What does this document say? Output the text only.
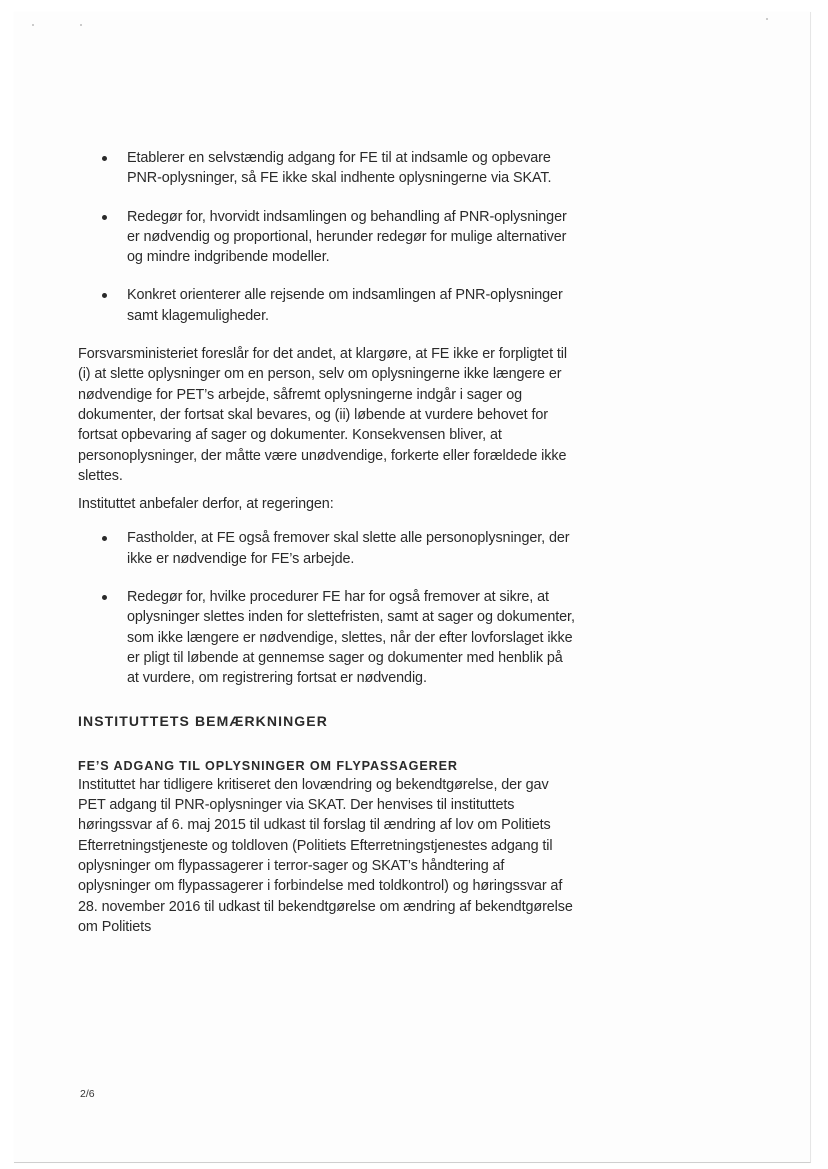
Etablerer en selvstændig adgang for FE til at indsamle og opbevare PNR-oplysninger, så FE ikke skal indhente oplysningerne via SKAT.
Redegør for, hvorvidt indsamlingen og behandling af PNR-oplysninger er nødvendig og proportional, herunder redegør for mulige alternativer og mindre indgribende modeller.
Konkret orienterer alle rejsende om indsamlingen af PNR-oplysninger samt klagemuligheder.

Forsvarsministeriet foreslår for det andet, at klargøre, at FE ikke er forpligtet til (i) at slette oplysninger om en person, selv om oplysningerne ikke længere er nødvendige for PET’s arbejde, såfremt oplysningerne indgår i sager og dokumenter, der fortsat skal bevares, og (ii) løbende at vurdere behovet for fortsat opbevaring af sager og dokumenter. Konsekvensen bliver, at personoplysninger, der måtte være unødvendige, forkerte eller forældede ikke slettes.

Instituttet anbefaler derfor, at regeringen:

Fastholder, at FE også fremover skal slette alle personoplysninger, der ikke er nødvendige for FE’s arbejde.
Redegør for, hvilke procedurer FE har for også fremover at sikre, at oplysninger slettes inden for slettefristen, samt at sager og dokumenter, som ikke længere er nødvendige, slettes, når der efter lovforslaget ikke er pligt til løbende at gennemse sager og dokumenter med henblik på at vurdere, om registrering fortsat er nødvendig.
INSTITUTTETS BEMÆRKNINGER
FE’S ADGANG TIL OPLYSNINGER OM FLYPASSAGERER

Instituttet har tidligere kritiseret den lovændring og bekendtgørelse, der gav PET adgang til PNR-oplysninger via SKAT. Der henvises til instituttets høringssvar af 6. maj 2015 til udkast til forslag til ændring af lov om Politiets Efterretningstjeneste og toldloven (Politiets Efterretningstjenestes adgang til oplysninger om flypassagerer i terror-sager og SKAT’s håndtering af oplysninger om flypassagerer i forbindelse med toldkontrol) og høringssvar af 28. november 2016 til udkast til bekendtgørelse om ændring af bekendtgørelse om Politiets

2/6
